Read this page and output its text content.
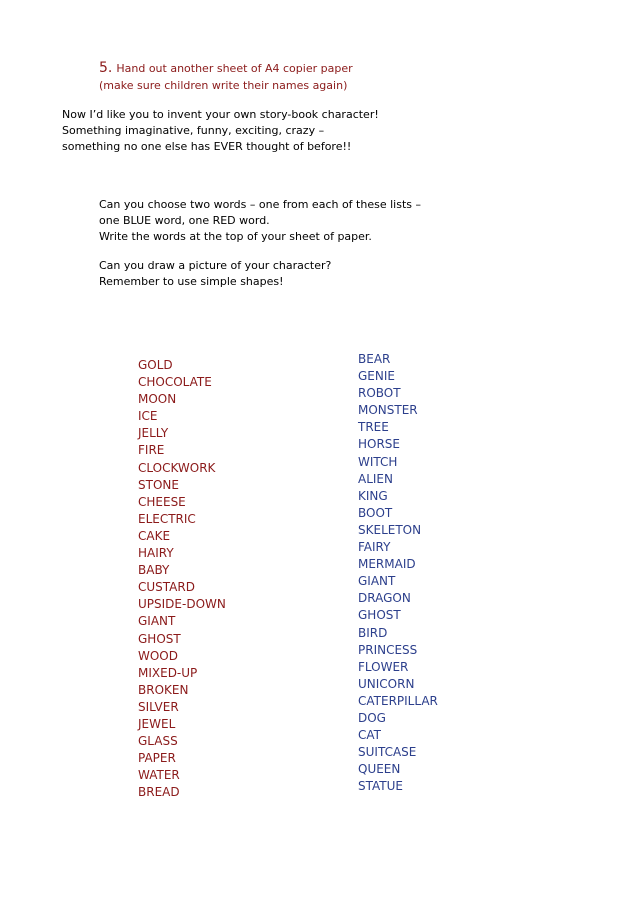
5. Hand out another sheet of A4 copier paper
(make sure children write their names again)
Now I’d like you to invent your own story-book character!
Something imaginative, funny, exciting, crazy –
something no one else has EVER thought of before!!
Can you choose two words – one from each of these lists –
one BLUE word, one RED word.
Write the words at the top of your sheet of paper.
Can you draw a picture of your character?
Remember to use simple shapes!
GOLD
CHOCOLATE
MOON
ICE
JELLY
FIRE
CLOCKWORK
STONE
CHEESE
ELECTRIC
CAKE
HAIRY
BABY
CUSTARD
UPSIDE-DOWN
GIANT
GHOST
WOOD
MIXED-UP
BROKEN
SILVER
JEWEL
GLASS
PAPER
WATER
BREAD
BEAR
GENIE
ROBOT
MONSTER
TREE
HORSE
WITCH
ALIEN
KING
BOOT
SKELETON
FAIRY
MERMAID
GIANT
DRAGON
GHOST
BIRD
PRINCESS
FLOWER
UNICORN
CATERPILLAR
DOG
CAT
SUITCASE
QUEEN
STATUE
